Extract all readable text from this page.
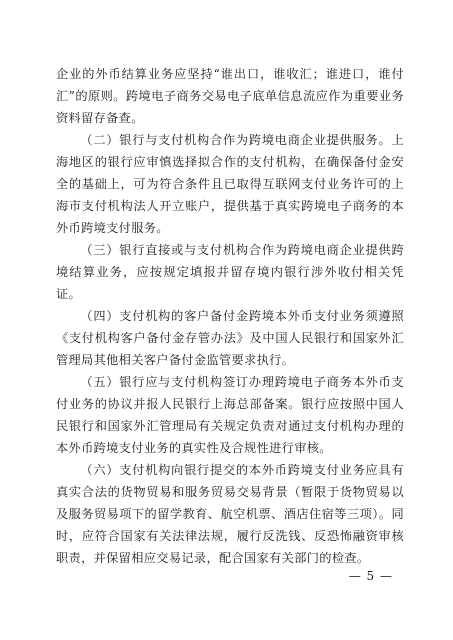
企业的外币结算业务应坚持“谁出口，谁收汇；谁进口，谁付汇”的原则。跨境电子商务交易电子底单信息流应作为重要业务资料留存备查。

（二）银行与支付机构合作为跨境电商企业提供服务。上海地区的银行应审慎选择拟合作的支付机构，在确保备付金安全的基础上，可为符合条件且已取得互联网支付业务许可的上海市支付机构法人开立账户，提供基于真实跨境电子商务的本外币跨境支付服务。

（三）银行直接或与支付机构合作为跨境电商企业提供跨境结算业务，应按规定填报并留存境内银行涉外收付相关凭证。

（四）支付机构的客户备付金跨境本外币支付业务须遵照《支付机构客户备付金存管办法》及中国人民银行和国家外汇管理局其他相关客户备付金监管要求执行。

（五）银行应与支付机构签订办理跨境电子商务本外币支付业务的协议并报人民银行上海总部备案。银行应按照中国人民银行和国家外汇管理局有关规定负责对通过支付机构办理的本外币跨境支付业务的真实性及合规性进行审核。

（六）支付机构向银行提交的本外币跨境支付业务应具有真实合法的货物贸易和服务贸易交易背景（暂限于货物贸易以及服务贸易项下的留学教育、航空机票、酒店住宿等三项）。同时，应符合国家有关法律法规，履行反洗钱、反恐怖融资审核职责，并保留相应交易记录，配合国家有关部门的检查。

— 5 —
